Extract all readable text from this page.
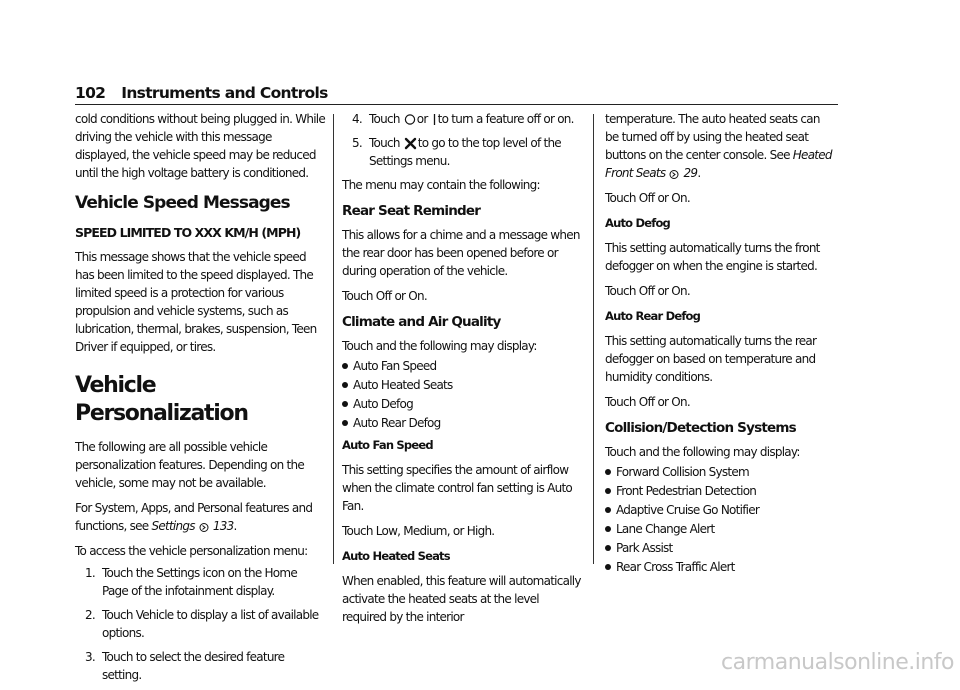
102 Instruments and Controls

cold conditions without being plugged in. While driving the vehicle with this message displayed, the vehicle speed may be reduced until the high voltage battery is conditioned.

Vehicle Speed Messages
SPEED LIMITED TO XXX KM/H (MPH)

This message shows that the vehicle speed has been limited to the speed displayed. The limited speed is a protection for various propulsion and vehicle systems, such as lubrication, thermal, brakes, suspension, Teen Driver if equipped, or tires.

Vehicle Personalization

The following are all possible vehicle personalization features. Depending on the vehicle, some may not be available.

For System, Apps, and Personal features and functions, see Settings 133.

To access the vehicle personalization menu:

1. Touch the Settings icon on the Home Page of the infotainment display.
2. Touch Vehicle to display a list of available options.
3. Touch to select the desired feature setting.
4. Touch or to turn a feature off or on.
5. Touch to go to the top level of the Settings menu.

The menu may contain the following:

Rear Seat Reminder

This allows for a chime and a message when the rear door has been opened before or during operation of the vehicle.

Touch Off or On.

Climate and Air Quality

Touch and the following may display:

Auto Fan Speed
Auto Heated Seats
Auto Defog
Auto Rear Defog

Auto Fan Speed

This setting specifies the amount of airflow when the climate control fan setting is Auto Fan.

Touch Low, Medium, or High.

Auto Heated Seats

When enabled, this feature will automatically activate the heated seats at the level required by the interior

temperature. The auto heated seats can be turned off by using the heated seat buttons on the center console. See Heated Front Seats 29.

Touch Off or On.

Auto Defog

This setting automatically turns the front defogger on when the engine is started.

Touch Off or On.

Auto Rear Defog

This setting automatically turns the rear defogger on based on temperature and humidity conditions.

Touch Off or On.

Collision/Detection Systems

Touch and the following may display:

Forward Collision System
Front Pedestrian Detection
Adaptive Cruise Go Notifier
Lane Change Alert
Park Assist
Rear Cross Traffic Alert
carmanualsonline.info
